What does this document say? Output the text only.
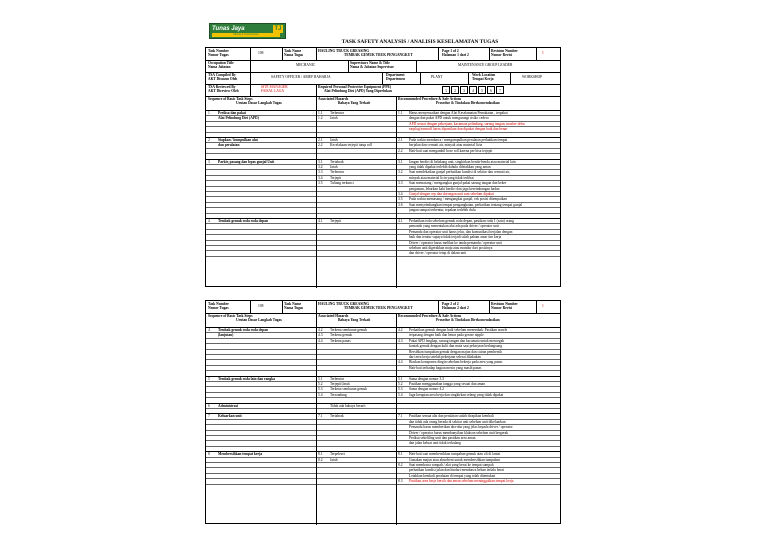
Tunas Jaya	TJ
Mining & Construction
TASK SAFETY ANALYSIS / ANALISIS KESELAMATAN TUGAS
Task Number
Nomor Tugas	108	Task Name
Nama Tugas
HAULING TRUCK GREASING
TEMBAK GEMUK TRUK PENGANGKUT
Page 1 of 2
Halaman 1 dari 2
Revision Number
Nomor Revisi	1
Occupation Title
Nama Jabatan	MECHANIC	Supervisors Name & Title
Nama & Jabatan Supervisor	MAINTENANCE GROUP LEADER
TSA Compiled By
AKT Disusun Oleh	SAFETY OFFICER / ARIEF RAHARJA	Department
Departemen	PLANT	Work Location
Tempat Kerja	WORKSHOP
TSA Reviewed By
AKT Direview Oleh
SITE MANAGER
FAISAL LAGA
Required Personal Protective Equipment (PPE)
Alat Pelindung Diri (APD) Yang Diperlukan	1	2	3	4	5	6	7
Sequence of Basic Task Steps
Urutan Dasar Langkah Tugas
Associated Hazards
Bahaya Yang Terkait
Recommended Procedure & Safe Actions
Prosedur & Tindakan Direkomendasikan
1	Periksa dan pakai
Alat Pelindung Diri (APD)
1.1	Terbentur
1.2	Jatuh
1.1	Harus menyesuaikan dengan Alat Keselamatan Pemakaian , terpakai
dengan dan pakai APD untuk mengurangi risiko cedera
APD sesuai dengan pekerjaan, kacamata pelindung, sarung tangan, masker debu
earplug/earmuff harus dipastikan dan dipakai dengan baik dan benar
2	Siapkan / kumpulkan alat
dan peralatan
2.1	Jatuh
2.2	Kecelakaan terjepit tutup roll
2.1	Pada waktu membawa / mengumpulkan peralatan perhatikan tempat
berjalan dan cermati air, minyak atau material licin
2.2	Hati-hati saat mengambil hose roll karena per bisa terjepit
3	Parkir, pasang dan lepas gunjal Unit	3.1	Tertabrak
3.2	Jatuh
3.3	Terbentur
3.4	Terjepit
3.5	Tuliang terkunci
3.1	Jangan berdiri di belakang unit, singkirkan benda-benda atau material lain
yang tidak dipakai terlebih dahulu diletakkan yang aman
3.2	Saat mendekatkan gunjal perhatikan kondisi di sekitar dan cermati air,
minyak atau material licin yang tidak terlihat
3.3	Saat memasang / mengangkat gunjal pakai sarung tangan dan beker
pengaman, lebarkan kaki berdiri dan jaga keseimbangan badan
3.4	Gunjal dengan cep dan dorongan unit saat sebelum dipakai
3.5	Pada waktu memasang / mengangkat gunjal, cek posisi ditempatkan
3.6	Saat menyeimbangkan tempat pengangkatan, perhatikan tentang tempat gunjal
jangan sampai terbentur, tepakan terlebih dulu
4	Tembak gemuk roda roda depan	4.1	Terjepit	4.1	Perhatikan roda sebelum gemuk roda depan, pastikan roda 1 (satu) orang
pemandu yang menentukan alat ada pada driver / operator unit
Pemandu dan operator unit harus jelas, dan komunikasi berjalan dengan
baik dan teratur supaya tidak terjadi salah paham antar tim kerja
Driver / operator harus melihat ke tanda pemandu / operator unit
sebelum unit digerakkan maju atau mundur dari posisinya
dan driver / operator tetap di dalam unit
Task Number
Nomor Tugas	108	Task Name
Nama Tugas
HAULING TRUCK GREASING
TEMBAK GEMUK TRUK PENGANGKUT
Page 2 of 2
Halaman 2 dari 2
Revision Number
Nomor Revisi	1
Sequence of Basic Task Steps
Urutan Dasar Langkah Tugas
Associated Hazards
Bahaya Yang Terkait
Recommended Procedure & Safe Actions
Prosedur & Tindakan Direkomendasikan
4	Tembak gemuk roda roda depan
(lanjutan)
4.2	Terkena semburan gemuk
4.3	Terkena gemuk
4.4	Terkena panas
4.2	Perhatikan gemuk dengan baik sebelum menembak. Pastikan nozzle
terpasang dengan baik dan benar pada grease nipple
4.3	Pakai APD lengkap, sarung tangan dan kacamata untuk mencegah
kontak gemuk dengan kulit dan mata saat pekerjaan berlangsung
Bersihkan tumpahan gemuk dengan majun dan cairan pembersih
dari area kerja setelah pekerjaan selesai dilakukan
4.4	Biarkan komponen dingin sebelum bekerja pada area yang panas
Hati-hati terhadap bagian mesin yang masih panas
5	Tembak gemuk roda lain dan rangka	5.1	Terbentur
5.2	Terjepit/Jatuh
5.3	Terkena semburan gemuk
5.4	Tersandung
5.1	Sama dengan nomor 3.3
5.2	Pastikan menggunakan tangga yang sesuai dan aman
5.3	Sama dengan nomor 4.2
5.4	Jaga kerapian area kerja dan singkirkan selang yang tidak dipakai
6	Administrasi	Tidak ada bahaya berarti
7	Keluarkan unit	7.1	Tertabrak	7.1	Pastikan semua alat dan peralatan sudah dirapikan kembali
dan tidak ada orang berada di sekitar unit sebelum unit dikeluarkan
Pemandu harus memberikan aba-aba yang jelas kepada driver / operator
Driver / operator harus membunyikan klakson sebelum unit bergerak
Periksa sekeliling unit dan pastikan area aman
dan jalan keluar unit tidak terhalang
8	Membersihkan tempat kerja	8.1	Terpeleset
8.2	Jatuh
8.1	Hati-hati saat membersihkan tumpahan gemuk atau oli di lantai
Gunakan majun atau absorbent untuk membersihkan tumpahan
8.2	Saat membawa sampah / alat yang berat ke tempat sampah
perhatikan kondisi jalan dan hindari membawa beban terlalu berat
Letakkan kembali peralatan di tempat yang telah ditentukan
8.3	Pastikan area kerja bersih dan aman sebelum meninggalkan tempat kerja
